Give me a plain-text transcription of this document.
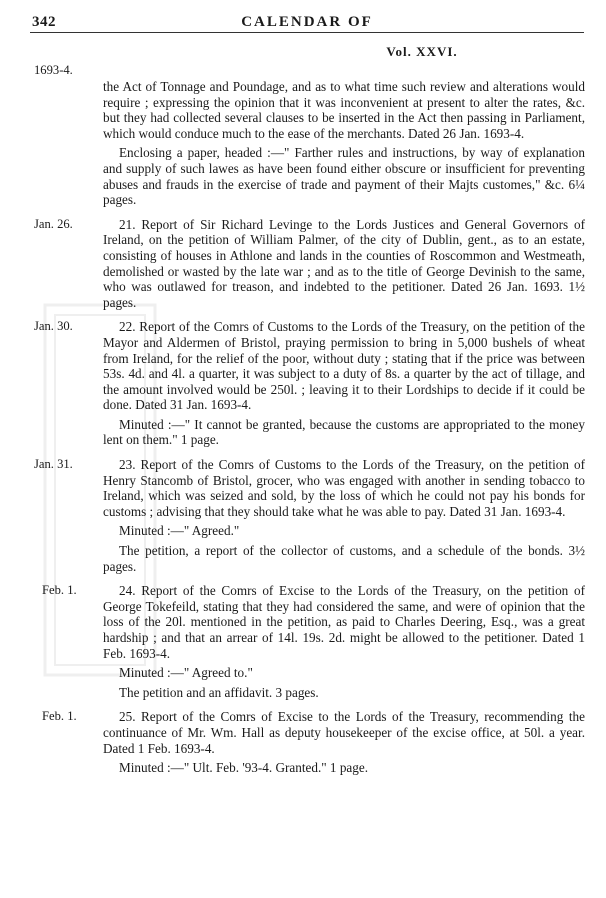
342	CALENDAR OF
Vol. XXVI.
1693-4.

the Act of Tonnage and Poundage, and as to what time such review and alterations would require ; expressing the opinion that it was inconvenient at present to alter the rates, &c. but they had collected several clauses to be inserted in the Act then passing in Parliament, which would conduce much to the ease of the merchants. Dated 26 Jan. 1693-4.

Enclosing a paper, headed :—" Farther rules and instructions, by way of explanation and supply of such lawes as have been found either obscure or insufficient for preventing abuses and frauds in the exercise of trade and payment of their Majts customes," &c. 6¼ pages.

Jan. 26.	21. Report of Sir Richard Levinge to the Lords Justices and General Governors of Ireland, on the petition of William Palmer, of the city of Dublin, gent., as to an estate, consisting of houses in Athlone and lands in the counties of Roscommon and Westmeath, demolished or wasted by the late war ; and as to the title of George Devinish to the same, who was outlawed for treason, and indebted to the petitioner. Dated 26 Jan. 1693. 1½ pages.

Jan. 30.	22. Report of the Comrs of Customs to the Lords of the Treasury, on the petition of the Mayor and Aldermen of Bristol, praying permission to bring in 5,000 bushels of wheat from Ireland, for the relief of the poor, without duty ; stating that if the price was between 53s. 4d. and 4l. a quarter, it was subject to a duty of 8s. a quarter by the act of tillage, and the amount involved would be 250l. ; leaving it to their Lordships to decide if it could be done. Dated 31 Jan. 1693-4.

Minuted :—" It cannot be granted, because the customs are appropriated to the money lent on them." 1 page.

Jan. 31.	23. Report of the Comrs of Customs to the Lords of the Treasury, on the petition of Henry Stancomb of Bristol, grocer, who was engaged with another in sending tobacco to Ireland, which was seized and sold, by the loss of which he could not pay his bonds for customs ; advising that they should take what he was able to pay. Dated 31 Jan. 1693-4.

Minuted :—" Agreed."

The petition, a report of the collector of customs, and a schedule of the bonds. 3½ pages.

Feb. 1.	24. Report of the Comrs of Excise to the Lords of the Treasury, on the petition of George Tokefeild, stating that they had considered the same, and were of opinion that the loss of the 20l. mentioned in the petition, as paid to Charles Deering, Esq., was a great hardship ; and that an arrear of 14l. 19s. 2d. might be allowed to the petitioner. Dated 1 Feb. 1693-4.

Minuted :—" Agreed to."

The petition and an affidavit. 3 pages.

Feb. 1.	25. Report of the Comrs of Excise to the Lords of the Treasury, recommending the continuance of Mr. Wm. Hall as deputy housekeeper of the excise office, at 50l. a year. Dated 1 Feb. 1693-4.

Minuted :—" Ult. Feb. '93-4. Granted." 1 page.
